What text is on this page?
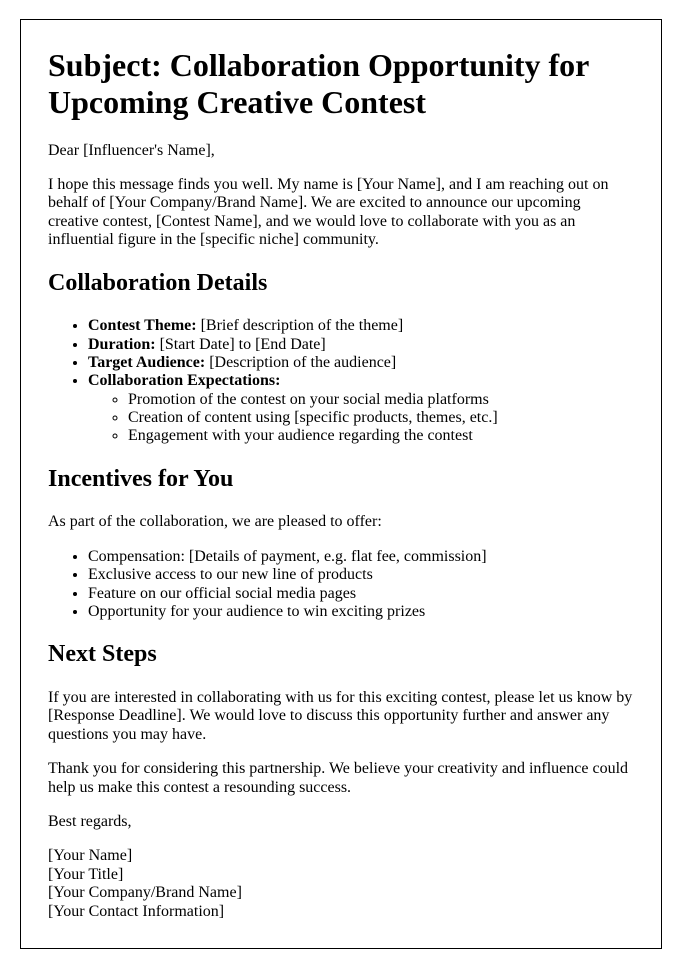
Subject: Collaboration Opportunity for
Upcoming Creative Contest

Dear [Influencer's Name],

I hope this message finds you well. My name is [Your Name], and I am reaching out on behalf of [Your Company/Brand Name]. We are excited to announce our upcoming creative contest, [Contest Name], and we would love to collaborate with you as an influential figure in the [specific niche] community.

Collaboration Details
• Contest Theme: [Brief description of the theme]
• Duration: [Start Date] to [End Date]
• Target Audience: [Description of the audience]
• Collaboration Expectations:
◦ Promotion of the contest on your social media platforms
◦ Creation of content using [specific products, themes, etc.]
◦ Engagement with your audience regarding the contest
Incentives for You

As part of the collaboration, we are pleased to offer:

• Compensation: [Details of payment, e.g. flat fee, commission]
• Exclusive access to our new line of products
• Feature on our official social media pages
• Opportunity for your audience to win exciting prizes
Next Steps

If you are interested in collaborating with us for this exciting contest, please let us know by [Response Deadline]. We would love to discuss this opportunity further and answer any questions you may have.

Thank you for considering this partnership. We believe your creativity and influence could help us make this contest a resounding success.

Best regards,

[Your Name]
[Your Title]
[Your Company/Brand Name]
[Your Contact Information]
